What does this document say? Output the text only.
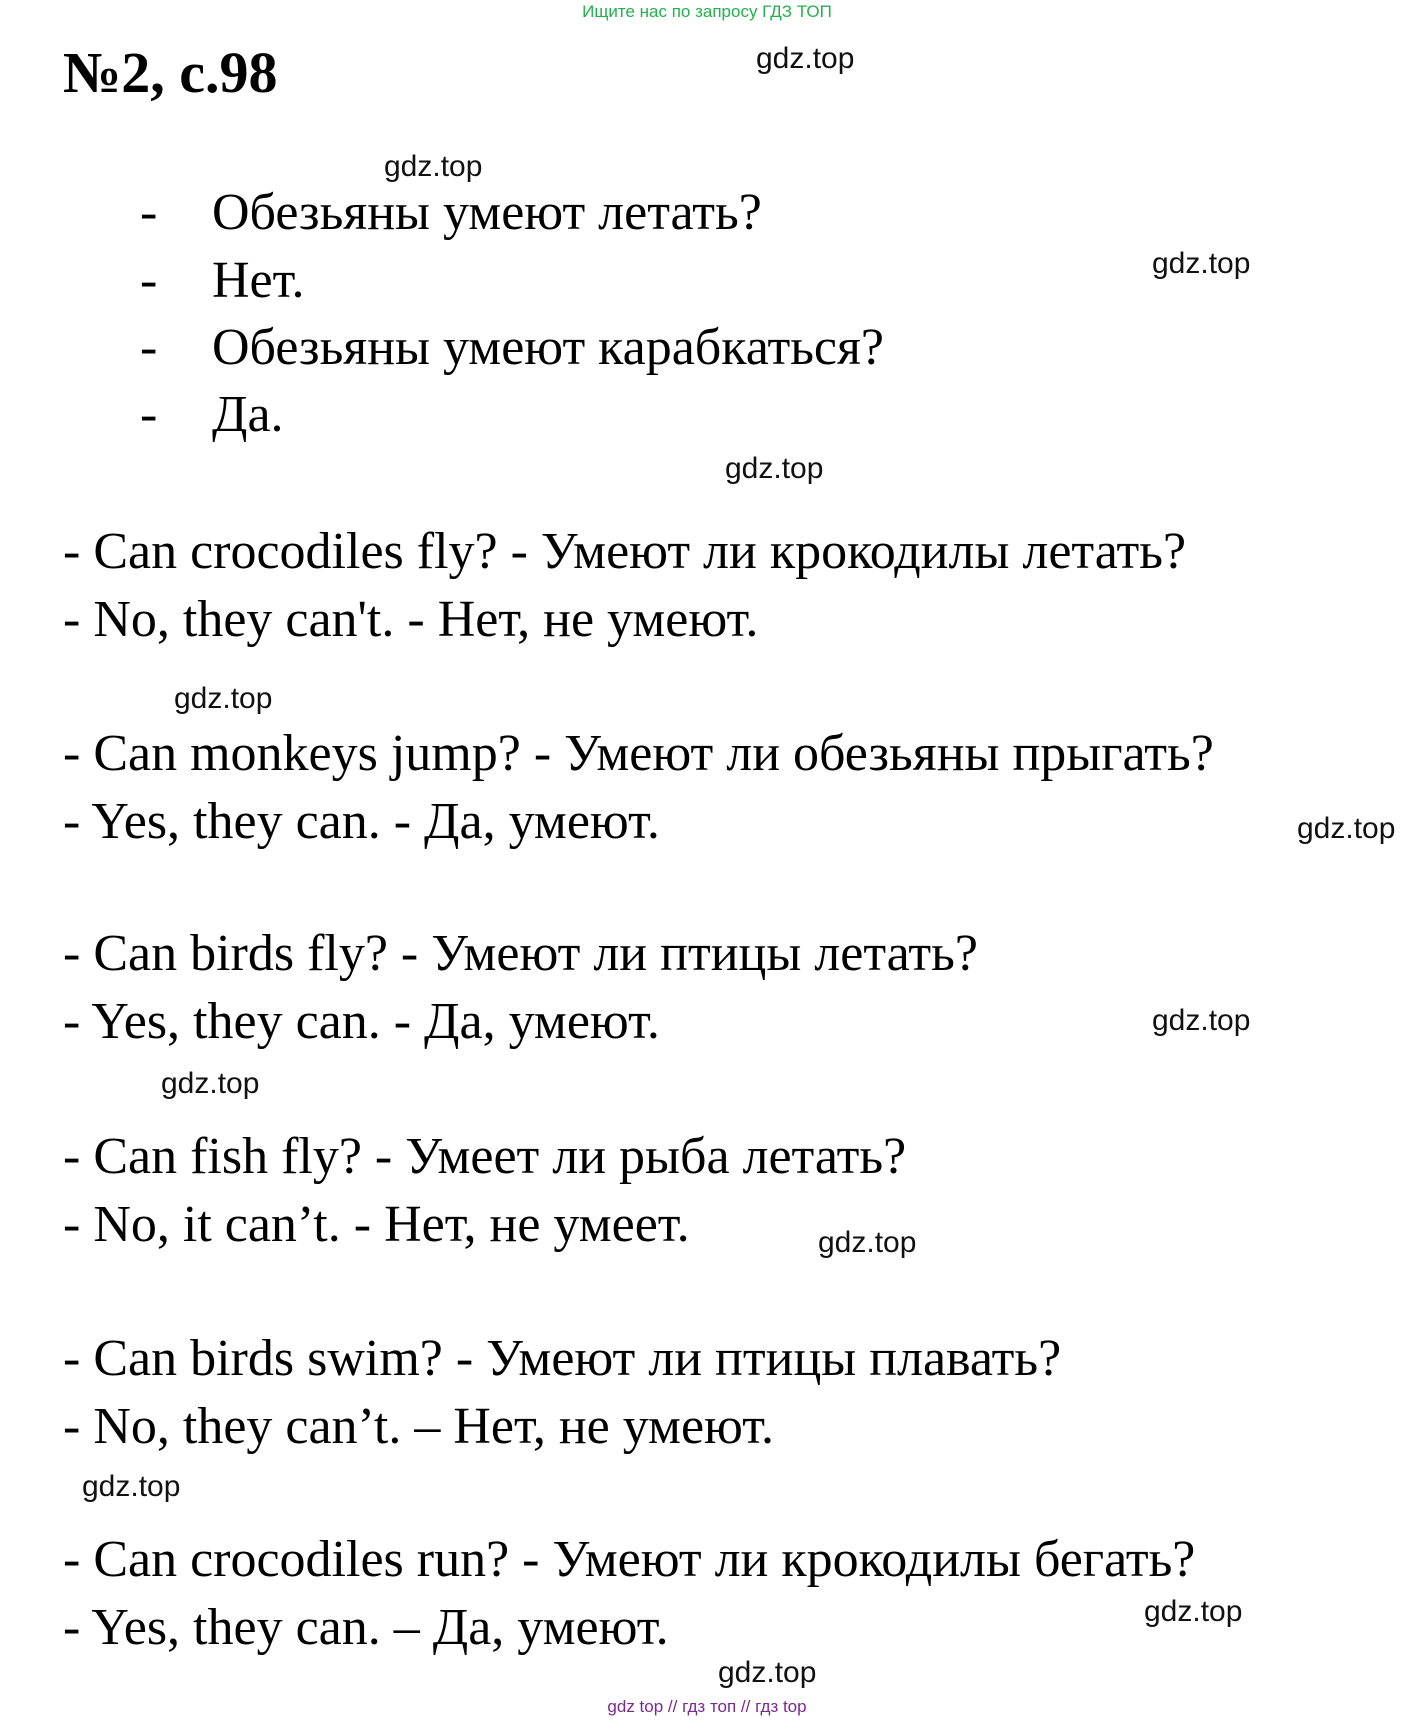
Ищите нас по запросу ГДЗ ТОП
№2, с.98
- Обезьяны умеют летать?
- Нет.
- Обезьяны умеют карабкаться?
- Да.
- Can crocodiles fly? - Умеют ли крокодилы летать?
- No, they can't. - Нет, не умеют.
- Can monkeys jump? - Умеют ли обезьяны прыгать?
- Yes, they can. - Да, умеют.
- Can birds fly? - Умеют ли птицы летать?
- Yes, they can. - Да, умеют.
- Can fish fly? - Умеет ли рыба летать?
- No, it can’t. - Нет, не умеет.
- Can birds swim? - Умеют ли птицы плавать?
- No, they can’t. – Нет, не умеют.
- Can crocodiles run? - Умеют ли крокодилы бегать?
- Yes, they can. – Да, умеют.
gdz.top
gdz.top
gdz.top
gdz.top
gdz.top
gdz.top
gdz.top
gdz.top
gdz.top
gdz.top
gdz.top
gdz.top
gdz top // гдз топ // гдз top
